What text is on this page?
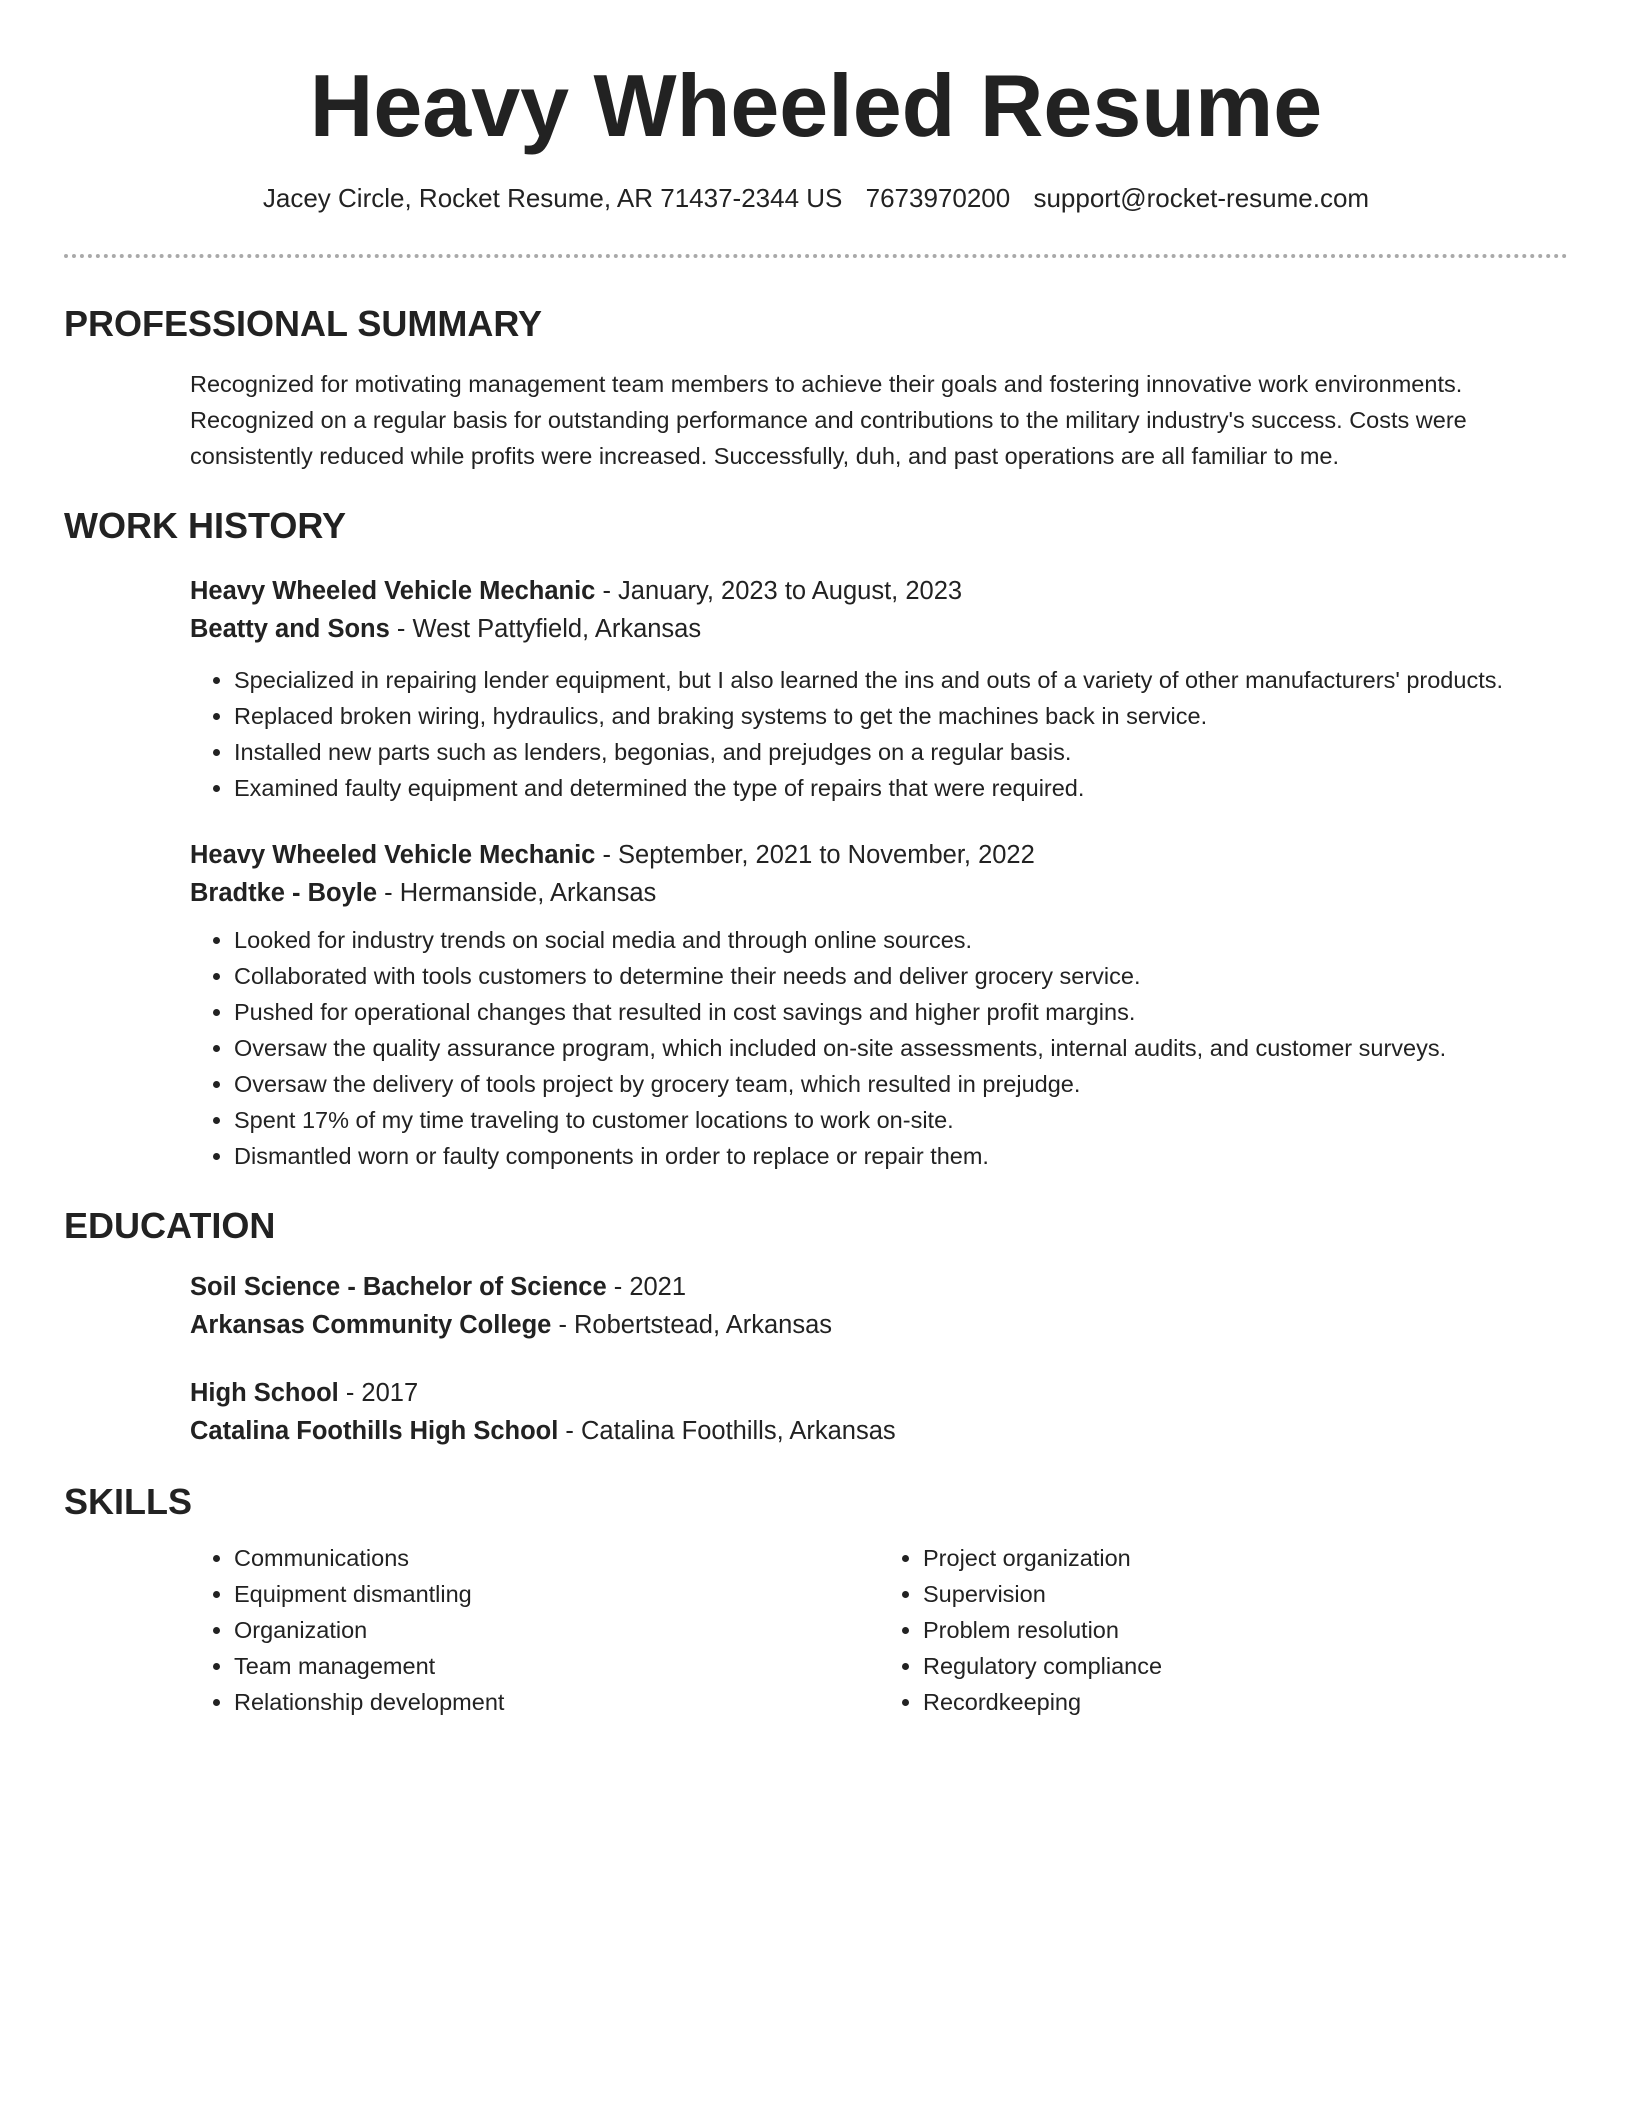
Heavy Wheeled Resume
Jacey Circle, Rocket Resume, AR 71437-2344 US 7673970200 support@rocket-resume.com
PROFESSIONAL SUMMARY

Recognized for motivating management team members to achieve their goals and fostering innovative work environments. Recognized on a regular basis for outstanding performance and contributions to the military industry's success. Costs were consistently reduced while profits were increased. Successfully, duh, and past operations are all familiar to me.

WORK HISTORY
Heavy Wheeled Vehicle Mechanic - January, 2023 to August, 2023
Beatty and Sons - West Pattyfield, Arkansas
• Specialized in repairing lender equipment, but I also learned the ins and outs of a variety of other manufacturers' products.
• Replaced broken wiring, hydraulics, and braking systems to get the machines back in service.
• Installed new parts such as lenders, begonias, and prejudges on a regular basis.
• Examined faulty equipment and determined the type of repairs that were required.
Heavy Wheeled Vehicle Mechanic - September, 2021 to November, 2022
Bradtke - Boyle - Hermanside, Arkansas
• Looked for industry trends on social media and through online sources.
• Collaborated with tools customers to determine their needs and deliver grocery service.
• Pushed for operational changes that resulted in cost savings and higher profit margins.
• Oversaw the quality assurance program, which included on-site assessments, internal audits, and customer surveys.
• Oversaw the delivery of tools project by grocery team, which resulted in prejudge.
• Spent 17% of my time traveling to customer locations to work on-site.
• Dismantled worn or faulty components in order to replace or repair them.
EDUCATION
Soil Science - Bachelor of Science - 2021
Arkansas Community College - Robertstead, Arkansas
High School - 2017
Catalina Foothills High School - Catalina Foothills, Arkansas
SKILLS
• Communications
• Equipment dismantling
• Organization
• Team management
• Relationship development
• Project organization
• Supervision
• Problem resolution
• Regulatory compliance
• Recordkeeping
